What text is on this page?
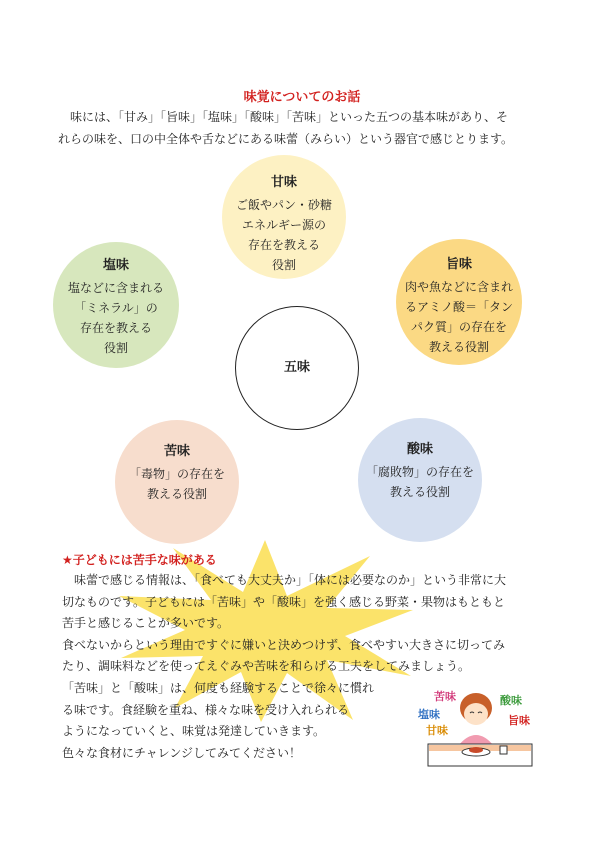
味覚についてのお話

　味には、「甘み」「旨味」「塩味」「酸味」「苦味」といった五つの基本味があり、そ

れらの味を、口の中全体や舌などにある味蕾（みらい）という器官で感じとります。

甘味
ご飯やパン・砂糖
エネルギー源の
存在を教える
役割
塩味
塩などに含まれる
「ミネラル」の
存在を教える
役割
旨味
肉や魚などに含まれ
るアミノ酸＝「タン
パク質」の存在を
教える役割
五味
苦味
「毒物」の存在を
教える役割
酸味
「腐敗物」の存在を
教える役割
★子どもには苦手な味がある

　味蕾で感じる情報は、「食べても大丈夫か」「体には必要なのか」という非常に大

切なものです。子どもには「苦味」や「酸味」を強く感じる野菜・果物はもともと

苦手と感じることが多いです。

食べないからという理由ですぐに嫌いと決めつけず、食べやすい大きさに切ってみ

たり、調味料などを使ってえぐみや苦味を和らげる工夫をしてみましょう。

「苦味」と「酸味」は、何度も経験することで徐々に慣れ

る味です。食経験を重ね、様々な味を受け入れられる

ようになっていくと、味覚は発達していきます。

色々な食材にチャレンジしてみてください！

苦味
塩味
甘味
酸味
旨味
